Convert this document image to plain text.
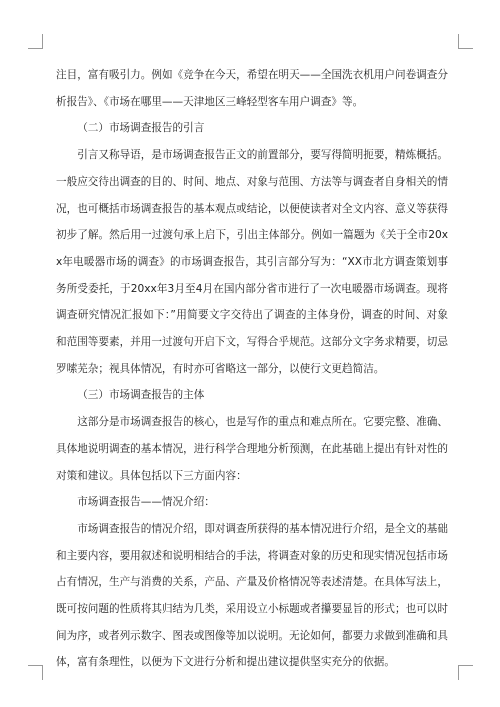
注目，富有吸引力。例如《竞争在今天，希望在明天——全国洗衣机用户问卷调查分析报告》、《市场在哪里——天津地区三峰轻型客车用户调查》等。

（二）市场调查报告的引言

引言又称导语，是市场调查报告正文的前置部分，要写得简明扼要，精炼概括。一般应交待出调查的目的、时间、地点、对象与范围、方法等与调查者自身相关的情况，也可概括市场调查报告的基本观点或结论，以便使读者对全文内容、意义等获得初步了解。然后用一过渡句承上启下，引出主体部分。例如一篇题为《关于全市20xx年电暖器市场的调查》的市场调查报告，其引言部分写为：“XX市北方调查策划事务所受委托，于20xx年3月至4月在国内部分省市进行了一次电暖器市场调查。现将调查研究情况汇报如下：”用简要文字交待出了调查的主体身份，调查的时间、对象和范围等要素，并用一过渡句开启下文，写得合乎规范。这部分文字务求精要，切忌罗嗦芜杂；视具体情况，有时亦可省略这一部分，以使行文更趋简洁。

（三）市场调查报告的主体

这部分是市场调查报告的核心，也是写作的重点和难点所在。它要完整、准确、具体地说明调查的基本情况，进行科学合理地分析预测，在此基础上提出有针对性的对策和建议。具体包括以下三方面内容：

市场调查报告——情况介绍：

市场调查报告的情况介绍，即对调查所获得的基本情况进行介绍，是全文的基础和主要内容，要用叙述和说明相结合的手法，将调查对象的历史和现实情况包括市场占有情况，生产与消费的关系，产品、产量及价格情况等表述清楚。在具体写法上，既可按问题的性质将其归结为几类，采用设立小标题或者攥要显旨的形式；也可以时间为序，或者列示数字、图表或图像等加以说明。无论如何，都要力求做到准确和具体，富有条理性，以便为下文进行分析和提出建议提供坚实充分的依据。
